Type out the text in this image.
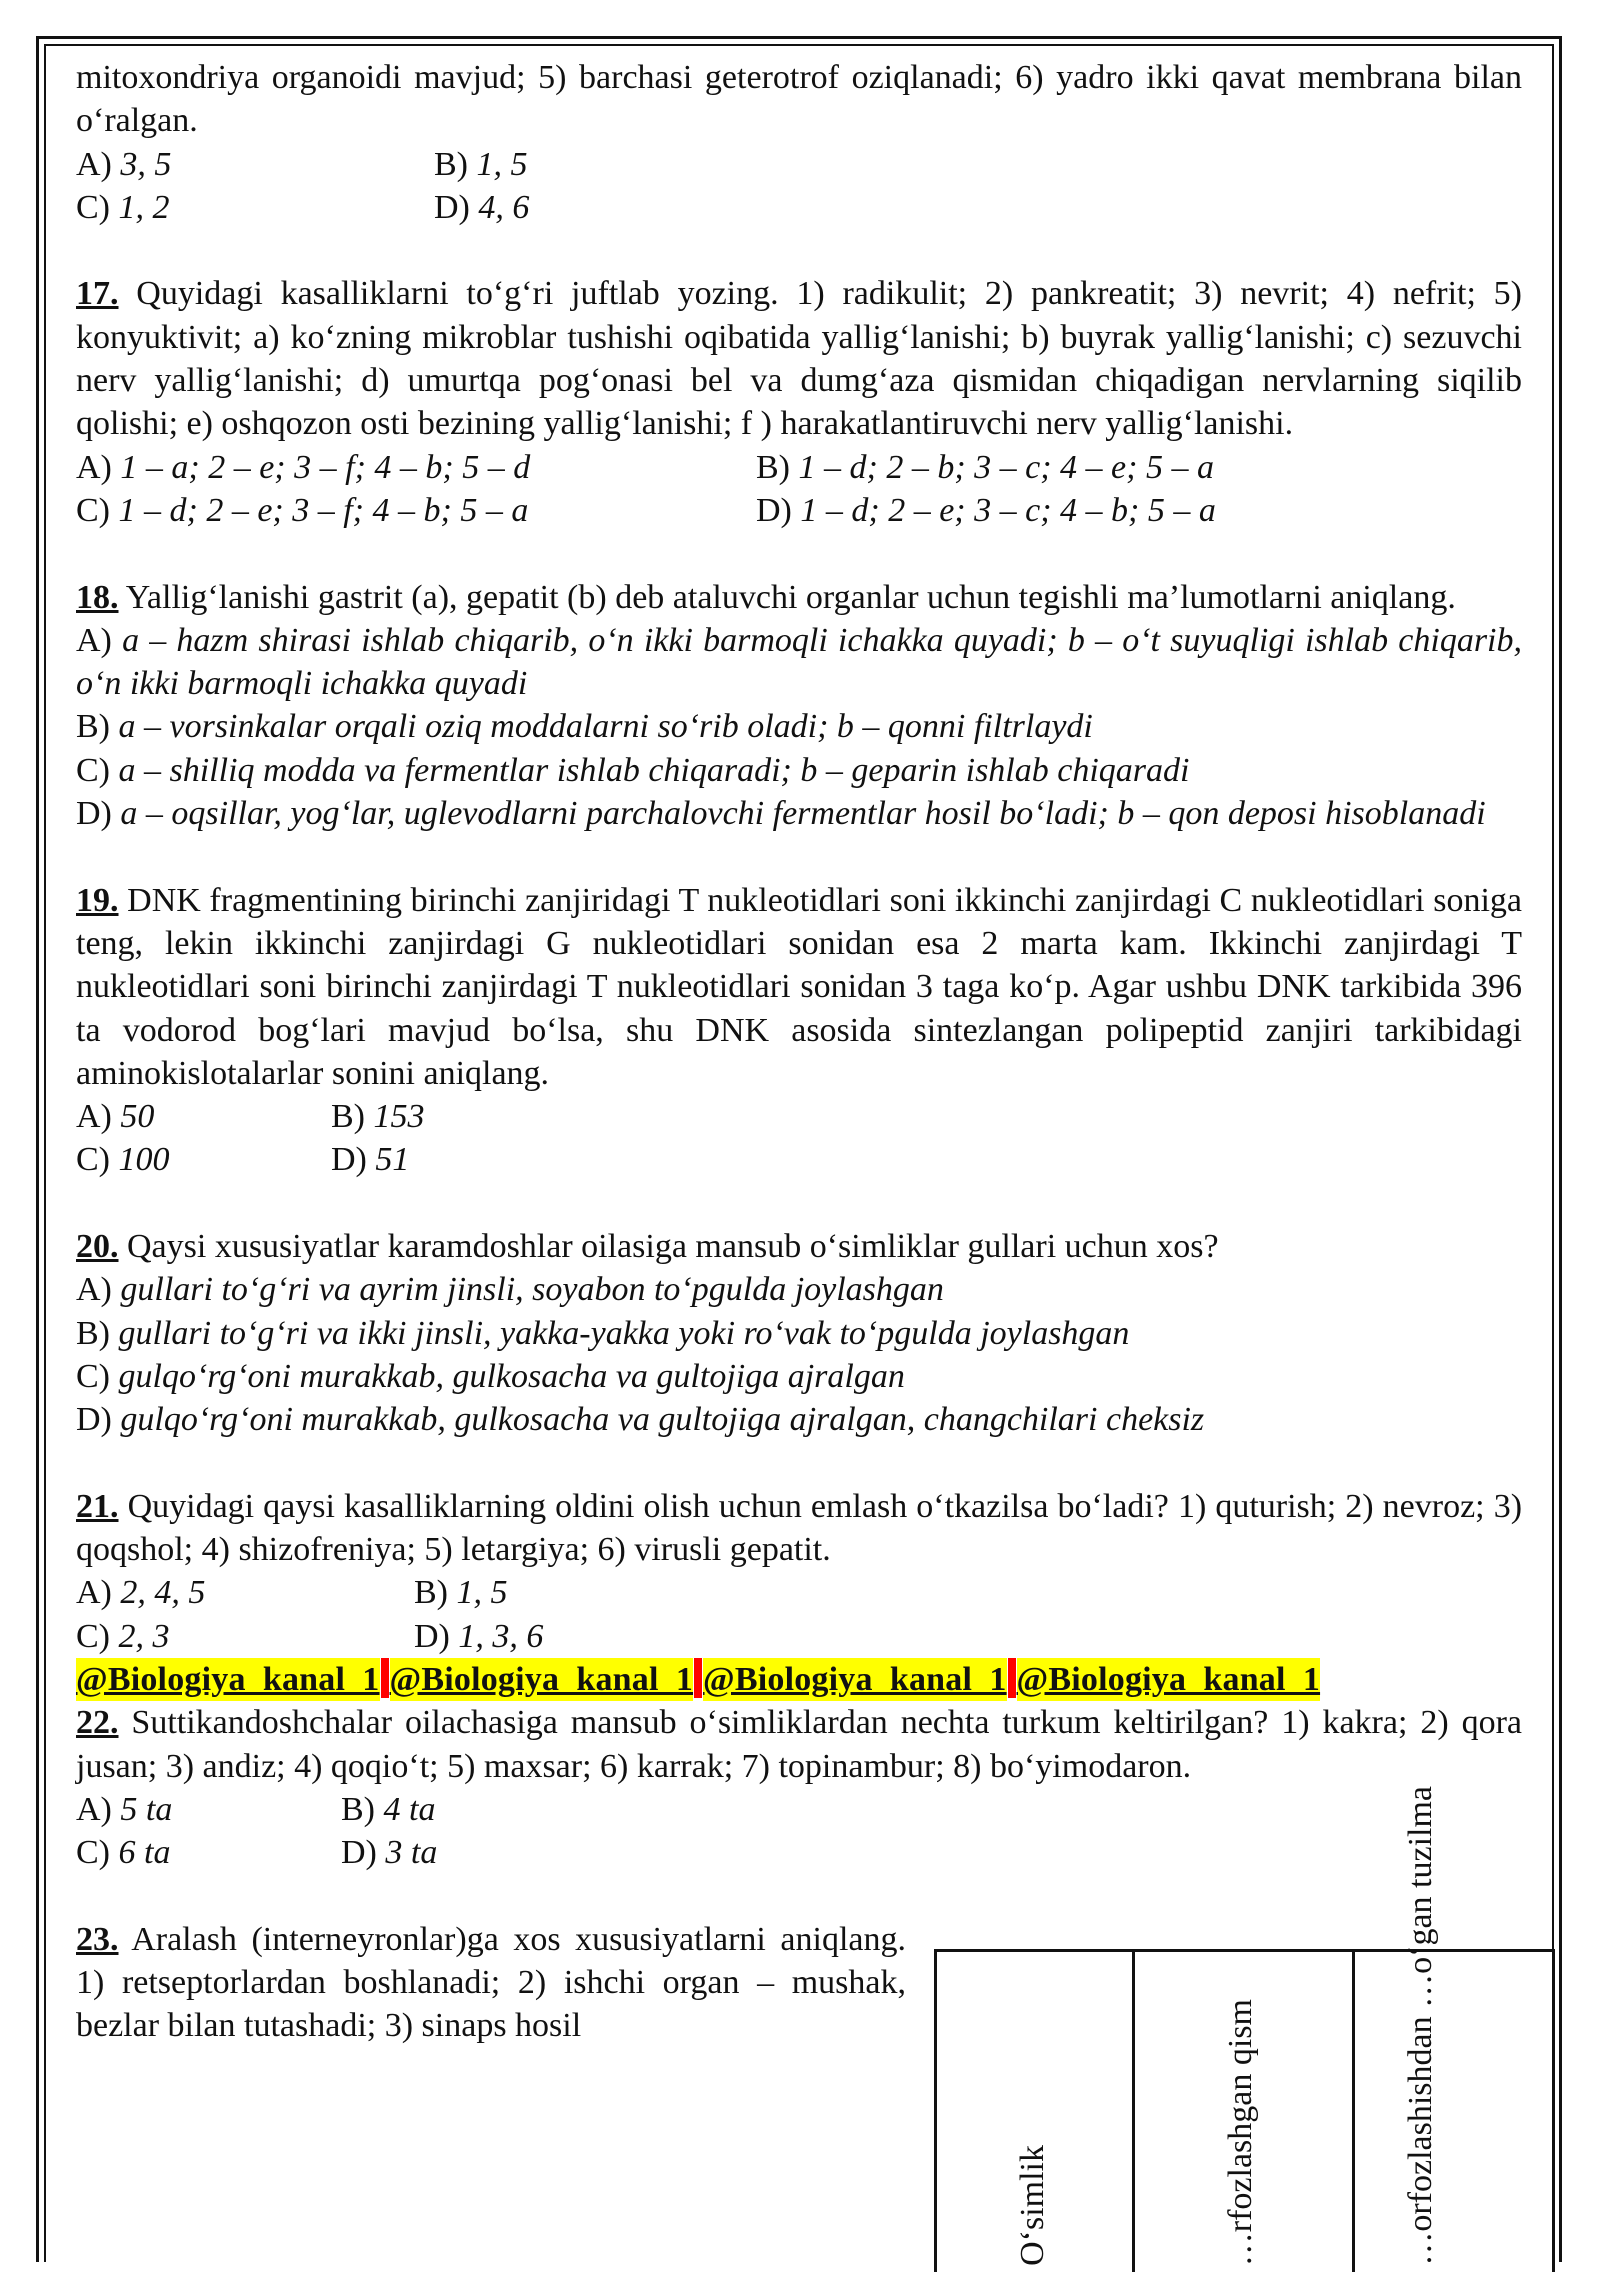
mitoxondriya organoidi mavjud; 5) barchasi geterotrof oziqlanadi; 6) yadro ikki qavat membrana bilan o‘ralgan.

A) 3, 5	B) 1, 5
C) 1, 2	D) 4, 6

17. Quyidagi kasalliklarni to‘g‘ri juftlab yozing. 1) radikulit; 2) pankreatit; 3) nevrit; 4) nefrit; 5) konyuktivit; a) ko‘zning mikroblar tushishi oqibatida yallig‘lanishi; b) buyrak yallig‘lanishi; c) sezuvchi nerv yallig‘lanishi; d) umurtqa pog‘onasi bel va dumg‘aza qismidan chiqadigan nervlarning siqilib qolishi; e) oshqozon osti bezining yallig‘lanishi; f ) harakatlantiruvchi nerv yallig‘lanishi.

A) 1 – a; 2 – e; 3 – f; 4 – b; 5 – d	B) 1 – d; 2 – b; 3 – c; 4 – e; 5 – a
C) 1 – d; 2 – e; 3 – f; 4 – b; 5 – a	D) 1 – d; 2 – e; 3 – c; 4 – b; 5 – a

18. Yallig‘lanishi gastrit (a), gepatit (b) deb ataluvchi organlar uchun tegishli ma’lumotlarni aniqlang.

A) a – hazm shirasi ishlab chiqarib, o‘n ikki barmoqli ichakka quyadi; b – o‘t suyuqligi ishlab chiqarib, o‘n ikki barmoqli ichakka quyadi

B) a – vorsinkalar orqali oziq moddalarni so‘rib oladi; b – qonni filtrlaydi

C) a – shilliq modda va fermentlar ishlab chiqaradi; b – geparin ishlab chiqaradi

D) a – oqsillar, yog‘lar, uglevodlarni parchalovchi fermentlar hosil bo‘ladi; b – qon deposi hisoblanadi

19. DNK fragmentining birinchi zanjiridagi T nukleotidlari soni ikkinchi zanjirdagi C nukleotidlari soniga teng, lekin ikkinchi zanjirdagi G nukleotidlari sonidan esa 2 marta kam. Ikkinchi zanjirdagi T nukleotidlari soni birinchi zanjirdagi T nukleotidlari sonidan 3 taga ko‘p. Agar ushbu DNK tarkibida 396 ta vodorod bog‘lari mavjud bo‘lsa, shu DNK asosida sintezlangan polipeptid zanjiri tarkibidagi aminokislotalarlar sonini aniqlang.

A) 50	B) 153
C) 100	D) 51

20. Qaysi xususiyatlar karamdoshlar oilasiga mansub o‘simliklar gullari uchun xos?

A) gullari to‘g‘ri va ayrim jinsli, soyabon to‘pgulda joylashgan

B) gullari to‘g‘ri va ikki jinsli, yakka-yakka yoki ro‘vak to‘pgulda joylashgan

C) gulqo‘rg‘oni murakkab, gulkosacha va gultojiga ajralgan

D) gulqo‘rg‘oni murakkab, gulkosacha va gultojiga ajralgan, changchilari cheksiz

21. Quyidagi qaysi kasalliklarning oldini olish uchun emlash o‘tkazilsa bo‘ladi? 1) quturish; 2) nevroz; 3) qoqshol; 4) shizofreniya; 5) letargiya; 6) virusli gepatit.

A) 2, 4, 5	B) 1, 5
C) 2, 3	D) 1, 3, 6
@Biologiya_kanal_1 @Biologiya_kanal_1 @Biologiya_kanal_1 @Biologiya_kanal_1

22. Suttikandoshchalar oilachasiga mansub o‘simliklardan nechta turkum keltirilgan? 1) kakra; 2) qora jusan; 3) andiz; 4) qoqio‘t; 5) maxsar; 6) karrak; 7) topinambur; 8) bo‘yimodaron.

A) 5 ta	B) 4 ta
C) 6 ta	D) 3 ta

23. Aralash (interneyronlar)ga xos xususiyatlarni aniqlang. 1) retseptorlardan boshlanadi; 2) ishchi organ – mushak, bezlar bilan tutashadi; 3) sinaps hosil

O‘simlik	…rfozlashgan qism	…orfozlashishdan …o‘gan tuzilma
